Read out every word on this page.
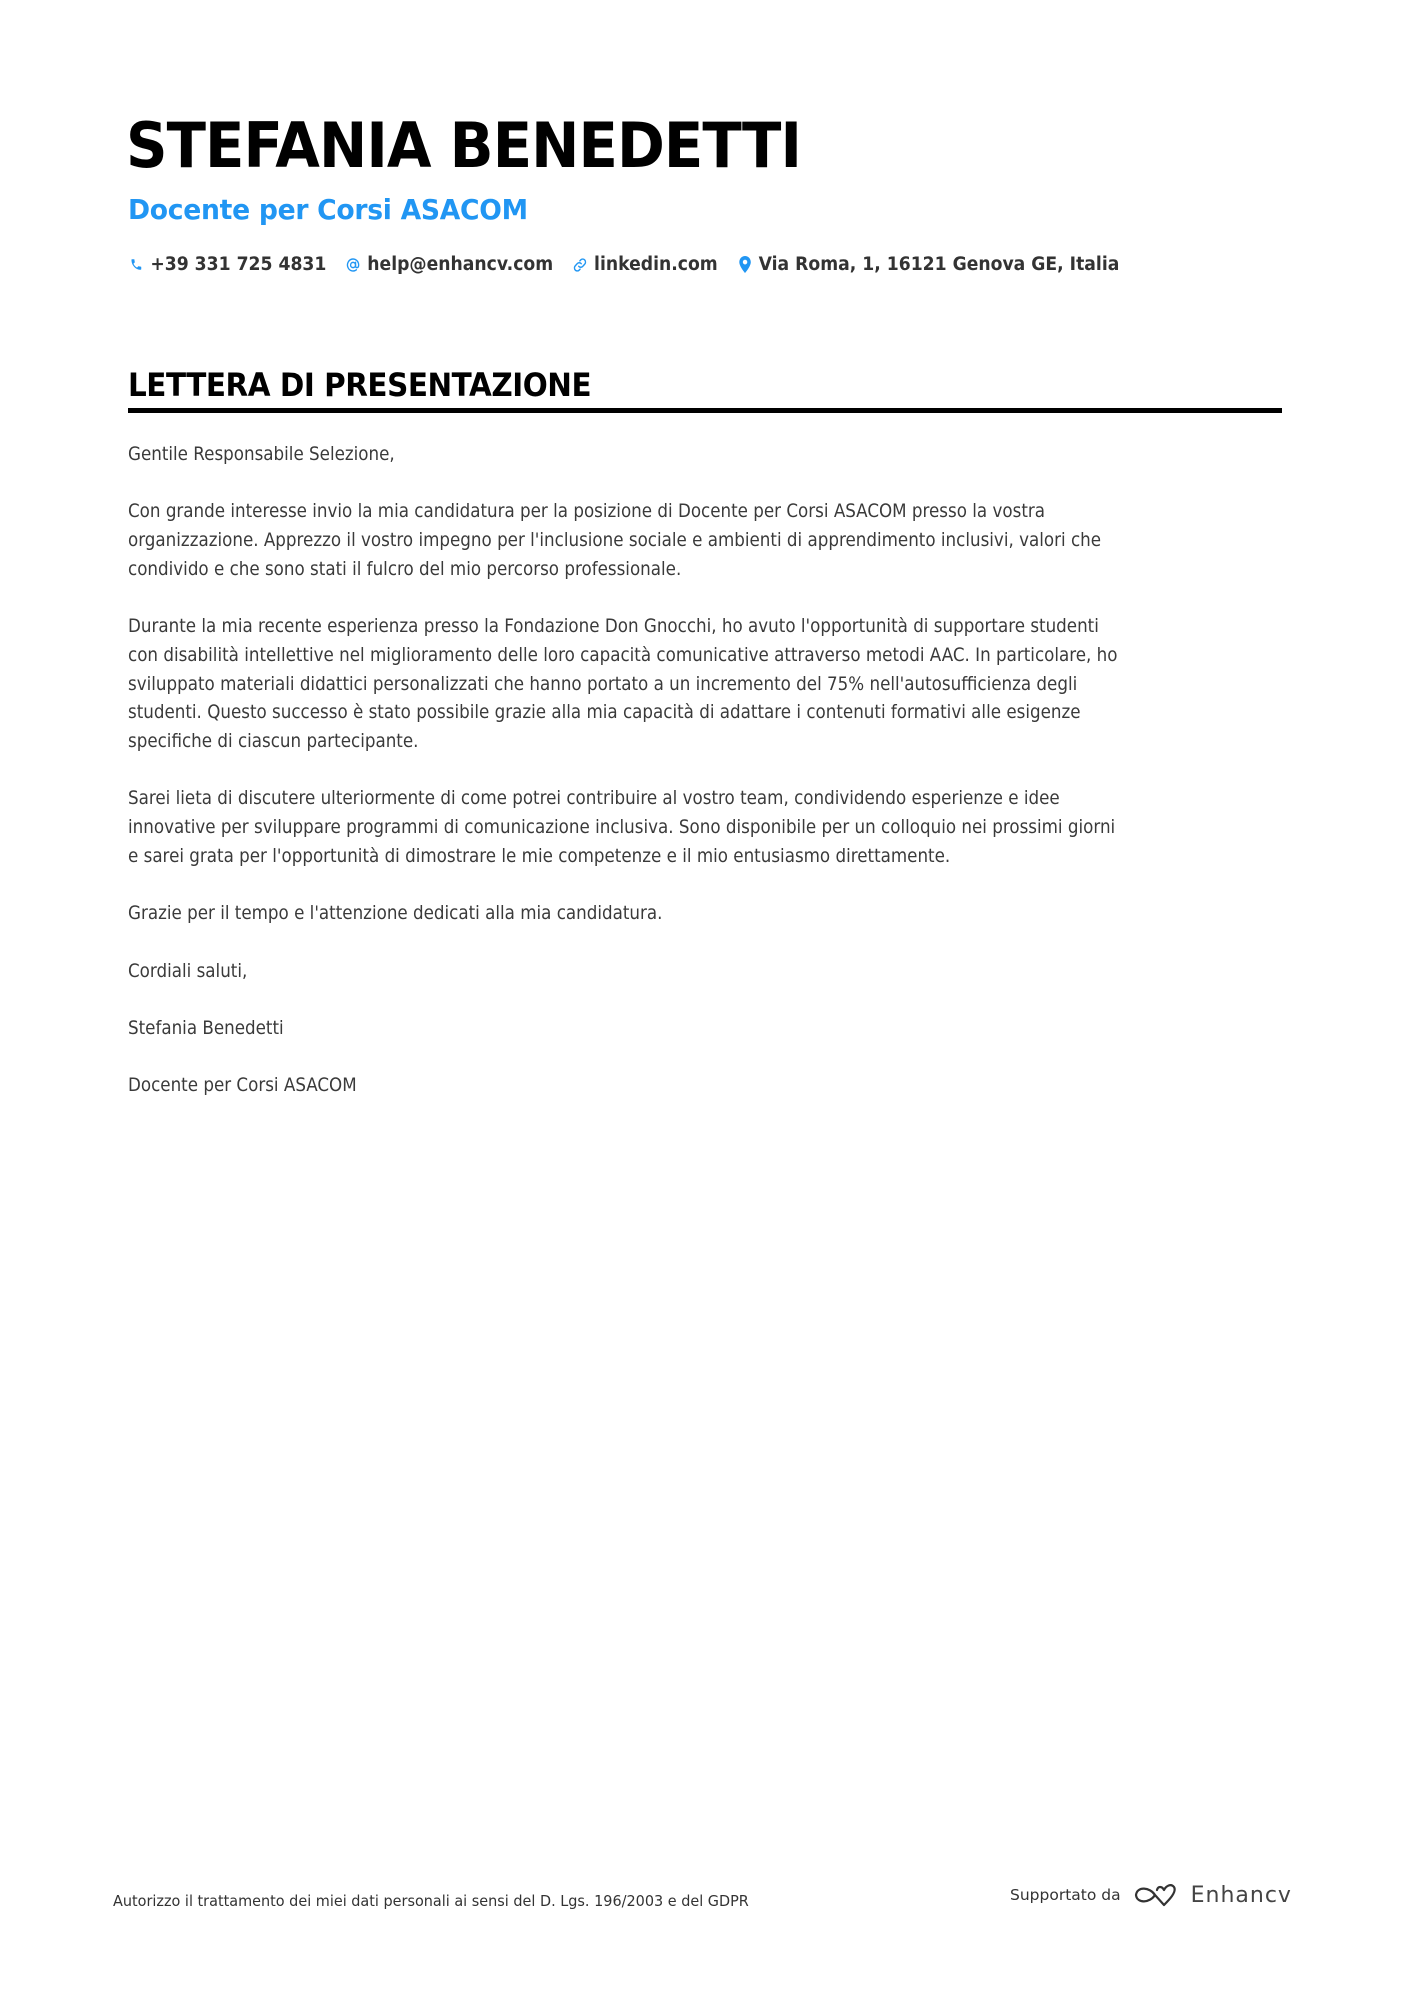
STEFANIA BENEDETTI
Docente per Corsi ASACOM
+39 331 725 4831 help@enhancv.com linkedin.com Via Roma, 1, 16121 Genova GE, Italia
LETTERA DI PRESENTAZIONE

Gentile Responsabile Selezione,

Con grande interesse invio la mia candidatura per la posizione di Docente per Corsi ASACOM presso la vostra
organizzazione. Apprezzo il vostro impegno per l'inclusione sociale e ambienti di apprendimento inclusivi, valori che
condivido e che sono stati il fulcro del mio percorso professionale.

Durante la mia recente esperienza presso la Fondazione Don Gnocchi, ho avuto l'opportunità di supportare studenti
con disabilità intellettive nel miglioramento delle loro capacità comunicative attraverso metodi AAC. In particolare, ho
sviluppato materiali didattici personalizzati che hanno portato a un incremento del 75% nell'autosufficienza degli
studenti. Questo successo è stato possibile grazie alla mia capacità di adattare i contenuti formativi alle esigenze
specifiche di ciascun partecipante.

Sarei lieta di discutere ulteriormente di come potrei contribuire al vostro team, condividendo esperienze e idee
innovative per sviluppare programmi di comunicazione inclusiva. Sono disponibile per un colloquio nei prossimi giorni
e sarei grata per l'opportunità di dimostrare le mie competenze e il mio entusiasmo direttamente.

Grazie per il tempo e l'attenzione dedicati alla mia candidatura.

Cordiali saluti,

Stefania Benedetti

Docente per Corsi ASACOM

Autorizzo il trattamento dei miei dati personali ai sensi del D. Lgs. 196/2003 e del GDPR	Supportato da	Enhancv
